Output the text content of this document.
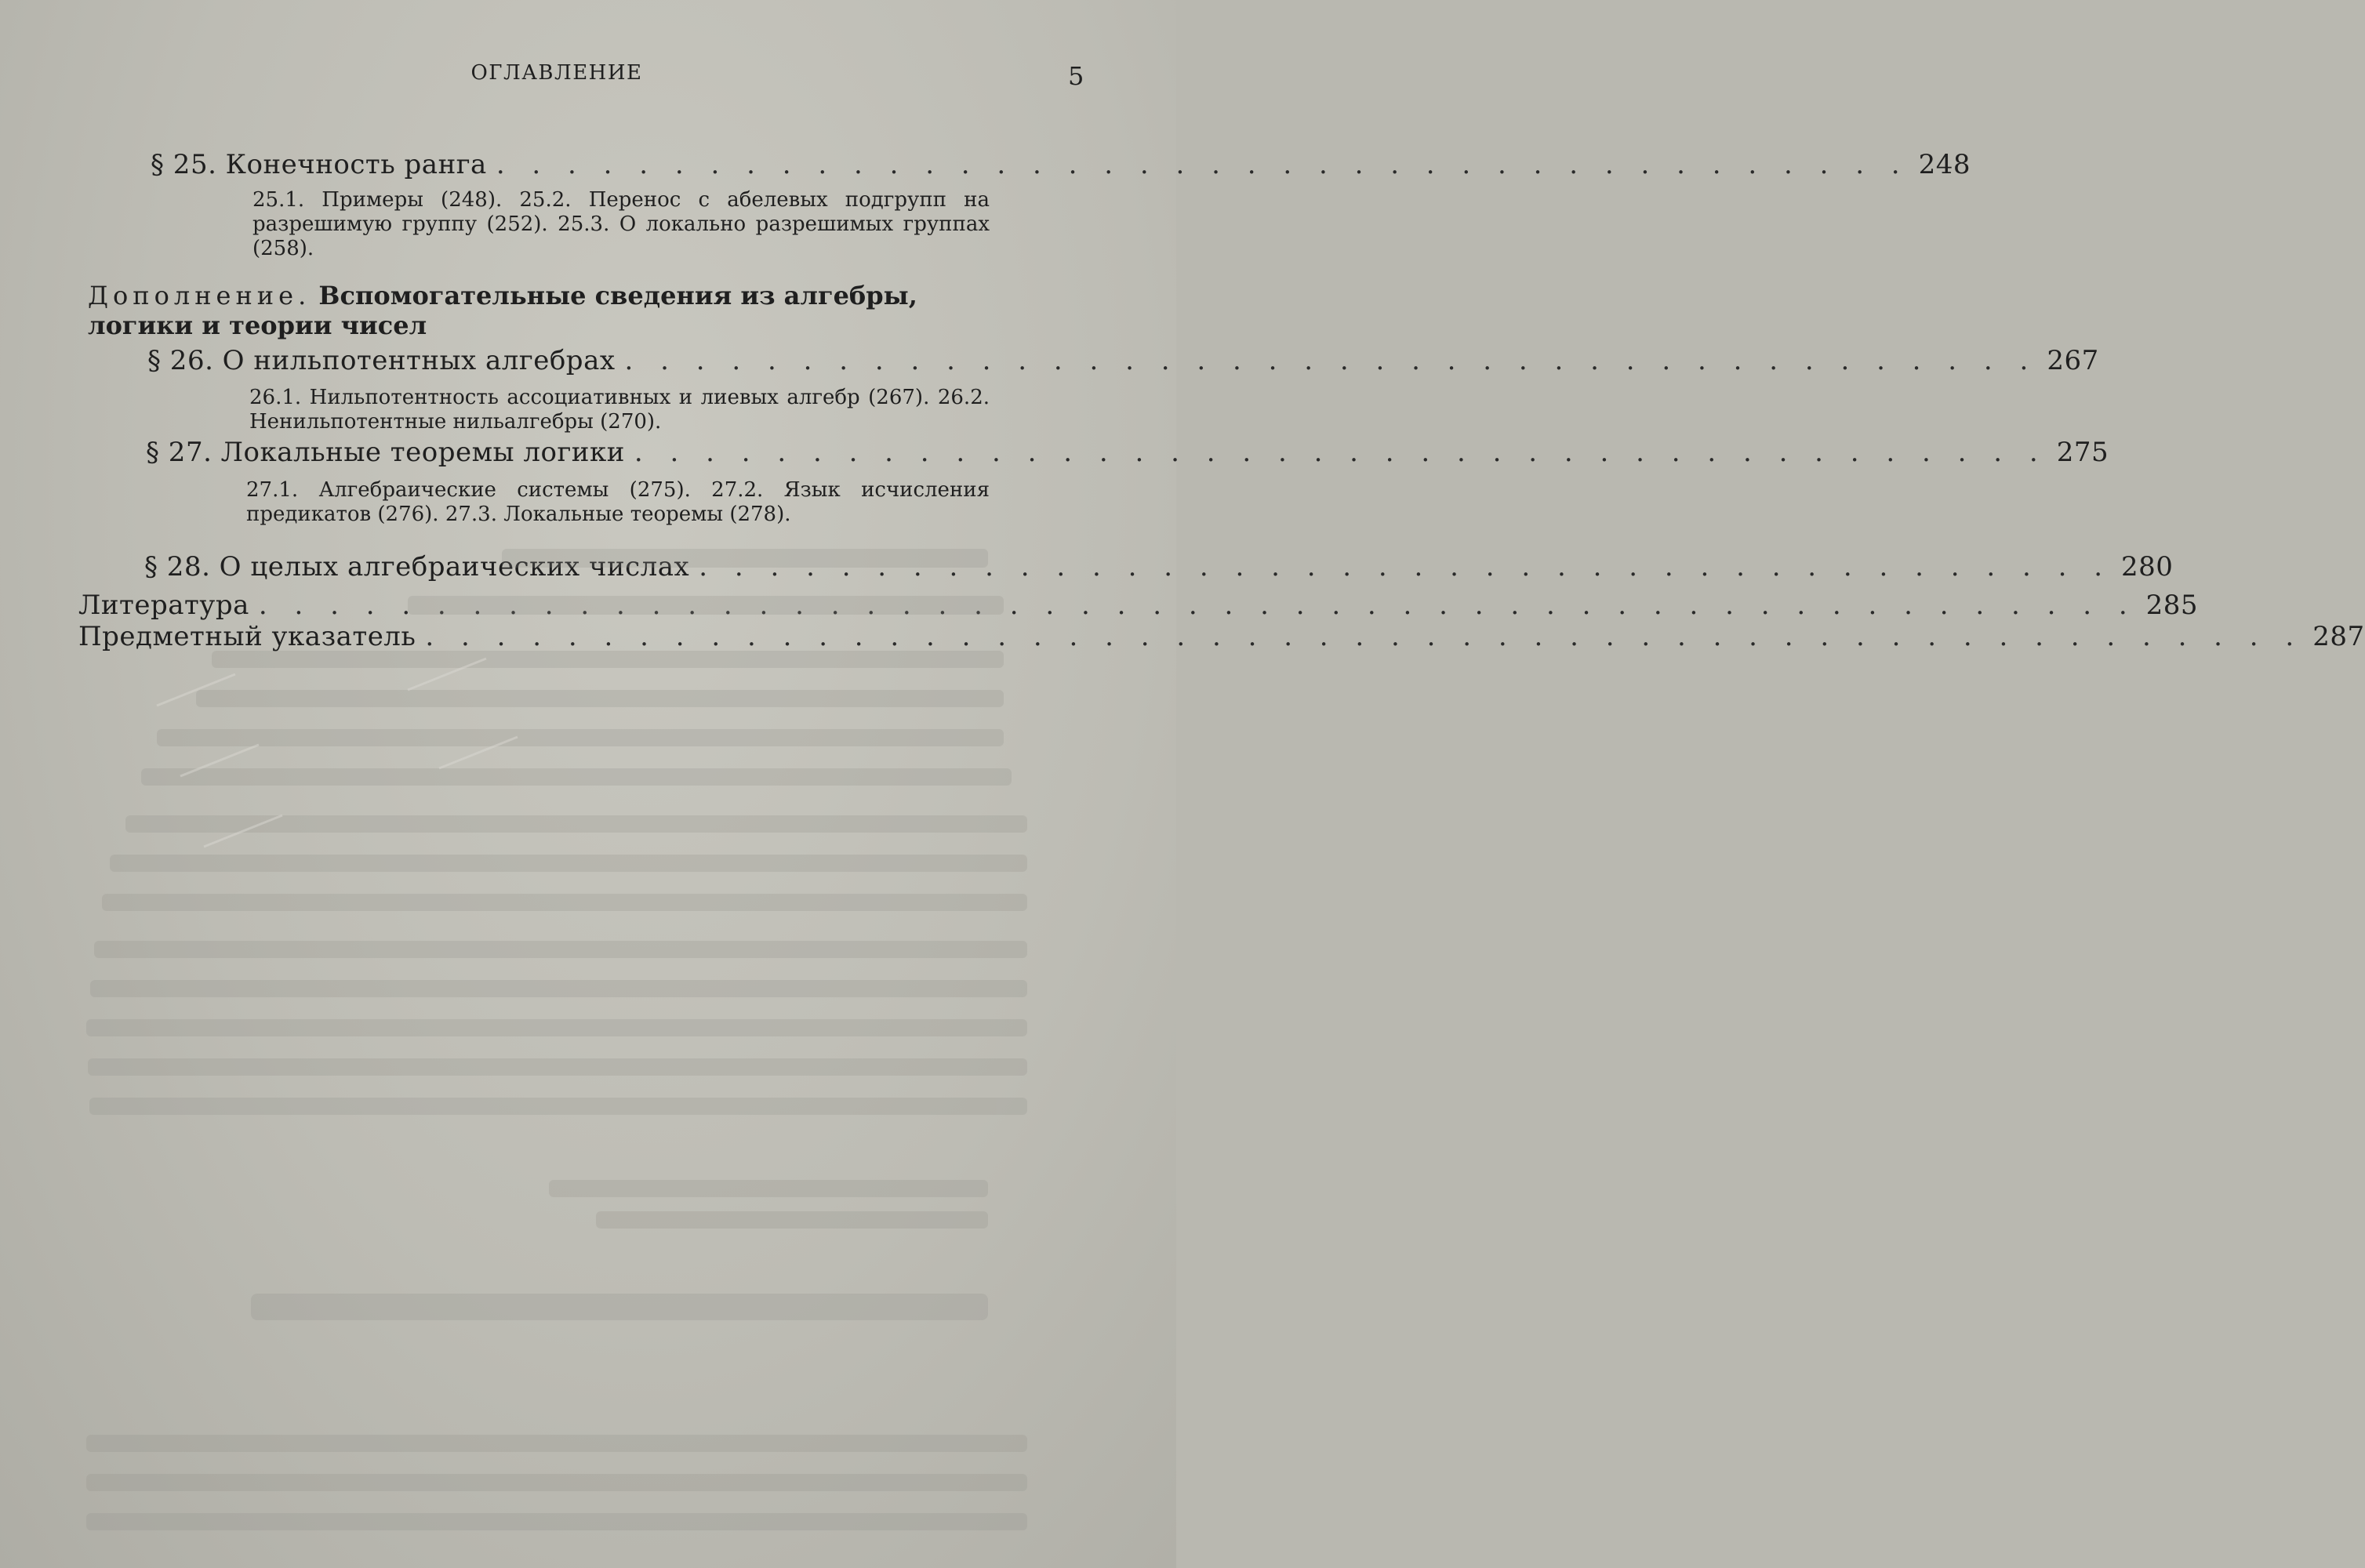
ОГЛАВЛЕНИЕ	5
§ 25. Конечность ранга . . . . . . . . . . . . . . . . . . . . . . . . . . . . . . . . . . . . . . . . 248
25.1. Примеры (248). 25.2. Перенос с абелевых подгрупп на разрешимую группу (252). 25.3. О локально разрешимых группах (258).
Дополнение. Вспомогательные сведения из алгебры, логики и теории чисел
§ 26. О нильпотентных алгебрах . . . . . . . . . . . . . . . . . . . . . . . . . . . . . . . . . . . . . . . . 267
26.1. Нильпотентность ассоциативных и лиевых алгебр (267). 26.2. Ненильпотентные нильалгебры (270).
§ 27. Локальные теоремы логики . . . . . . . . . . . . . . . . . . . . . . . . . . . . . . . . . . . . . . . . 275
27.1. Алгебраические системы (275). 27.2. Язык исчисления предикатов (276). 27.3. Локальные теоремы (278).
§ 28. О целых алгебраических числах . . . . . . . . . . . . . . . . . . . . . . . . . . . . . . . . . . . . . . . . 280
Литература . . . . . . . . . . . . . . . . . . . . . . . . . . . . . . . . . . . . . . . . . . . . . . . . . . . . . 285
Предметный указатель . . . . . . . . . . . . . . . . . . . . . . . . . . . . . . . . . . . . . . . . . . . . . . . . . . . . . 287
